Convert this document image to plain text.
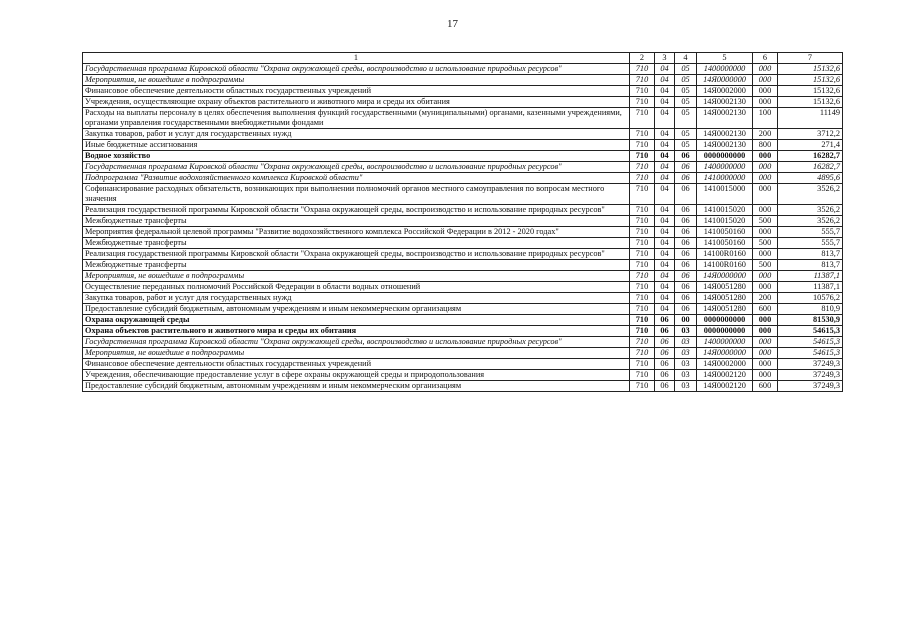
17
1	2	3	4	5	6	7
Государственная программа Кировской области "Охрана окружающей среды, воспроизводство и использование природных ресурсов"	710	04	05	1400000000	000	15132,6
Мероприятия, не вошедшие в подпрограммы	710	04	05	14Я0000000	000	15132,6
Финансовое обеспечение деятельности областных государственных учреждений	710	04	05	14Я0002000	000	15132,6
Учреждения, осуществляющие охрану объектов растительного и животного мира и среды их обитания	710	04	05	14Я0002130	000	15132,6
Расходы на выплаты персоналу в целях обеспечения выполнения функций государственными (муниципальными) органами, казенными учреждениями, органами управления государственными внебюджетными фондами	710	04	05	14Я0002130	100	11149
Закупка товаров, работ и услуг для государственных нужд	710	04	05	14Я0002130	200	3712,2
Иные бюджетные ассигнования	710	04	05	14Я0002130	800	271,4
Водное хозяйство	710	04	06	0000000000	000	16282,7
Государственная программа Кировской области "Охрана окружающей среды, воспроизводство и использование природных ресурсов"	710	04	06	1400000000	000	16282,7
Подпрограмма "Развитие водохозяйственного комплекса Кировской области"	710	04	06	1410000000	000	4895,6
Софинансирование расходных обязательств, возникающих при выполнении полномочий органов местного самоуправления по вопросам местного значения	710	04	06	1410015000	000	3526,2
Реализация государственной программы Кировской области "Охрана окружающей среды, воспроизводство и использование природных ресурсов"	710	04	06	1410015020	000	3526,2
Межбюджетные трансферты	710	04	06	1410015020	500	3526,2
Мероприятия федеральной целевой программы "Развитие водохозяйственного комплекса Российской Федерации в 2012 - 2020 годах"	710	04	06	1410050160	000	555,7
Межбюджетные трансферты	710	04	06	1410050160	500	555,7
Реализация государственной программы Кировской области "Охрана окружающей среды, воспроизводство и использование природных ресурсов"	710	04	06	14100R0160	000	813,7
Межбюджетные трансферты	710	04	06	14100R0160	500	813,7
Мероприятия, не вошедшие в подпрограммы	710	04	06	14Я0000000	000	11387,1
Осуществление переданных полномочий Российской Федерации в области водных отношений	710	04	06	14Я0051280	000	11387,1
Закупка товаров, работ и услуг для государственных нужд	710	04	06	14Я0051280	200	10576,2
Предоставление субсидий бюджетным, автономным учреждениям и иным некоммерческим организациям	710	04	06	14Я0051280	600	810,9
Охрана окружающей среды	710	06	00	0000000000	000	81530,9
Охрана объектов растительного и животного мира и среды их обитания	710	06	03	0000000000	000	54615,3
Государственная программа Кировской области "Охрана окружающей среды, воспроизводство и использование природных ресурсов"	710	06	03	1400000000	000	54615,3
Мероприятия, не вошедшие в подпрограммы	710	06	03	14Я0000000	000	54615,3
Финансовое обеспечение деятельности областных государственных учреждений	710	06	03	14Я0002000	000	37249,3
Учреждения, обеспечивающие предоставление услуг в сфере охраны окружающей среды и природопользования	710	06	03	14Я0002120	000	37249,3
Предоставление субсидий бюджетным, автономным учреждениям и иным некоммерческим организациям	710	06	03	14Я0002120	600	37249,3
